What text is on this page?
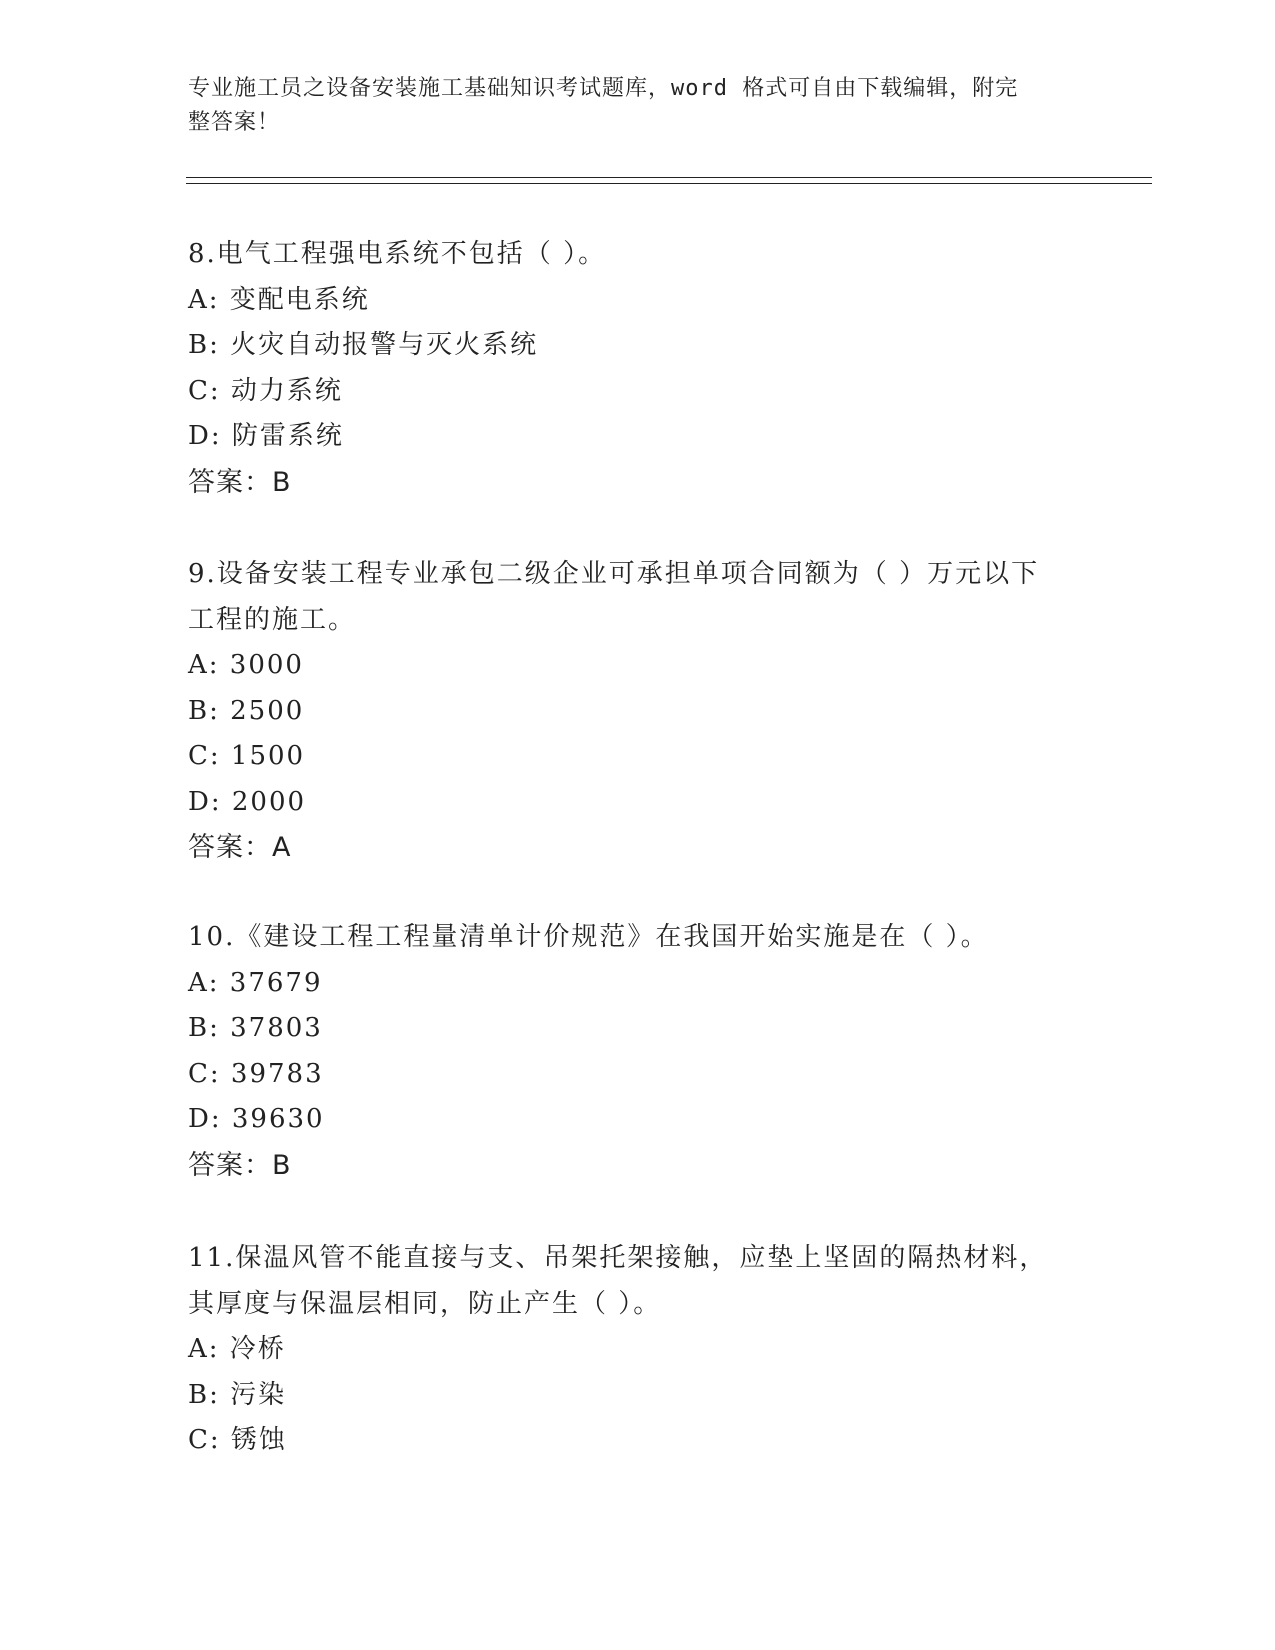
专业施工员之设备安装施工基础知识考试题库，word 格式可自由下载编辑，附完
整答案！
8.电气工程强电系统不包括（ ）。
A: 变配电系统
B: 火灾自动报警与灭火系统
C: 动力系统
D: 防雷系统
答案：B
9.设备安装工程专业承包二级企业可承担单项合同额为（ ）万元以下
工程的施工。
A: 3000
B: 2500
C: 1500
D: 2000
答案：A
10.《建设工程工程量清单计价规范》在我国开始实施是在（ ）。
A: 37679
B: 37803
C: 39783
D: 39630
答案：B
11.保温风管不能直接与支、吊架托架接触，应垫上坚固的隔热材料，
其厚度与保温层相同，防止产生（ ）。
A: 冷桥
B: 污染
C: 锈蚀
